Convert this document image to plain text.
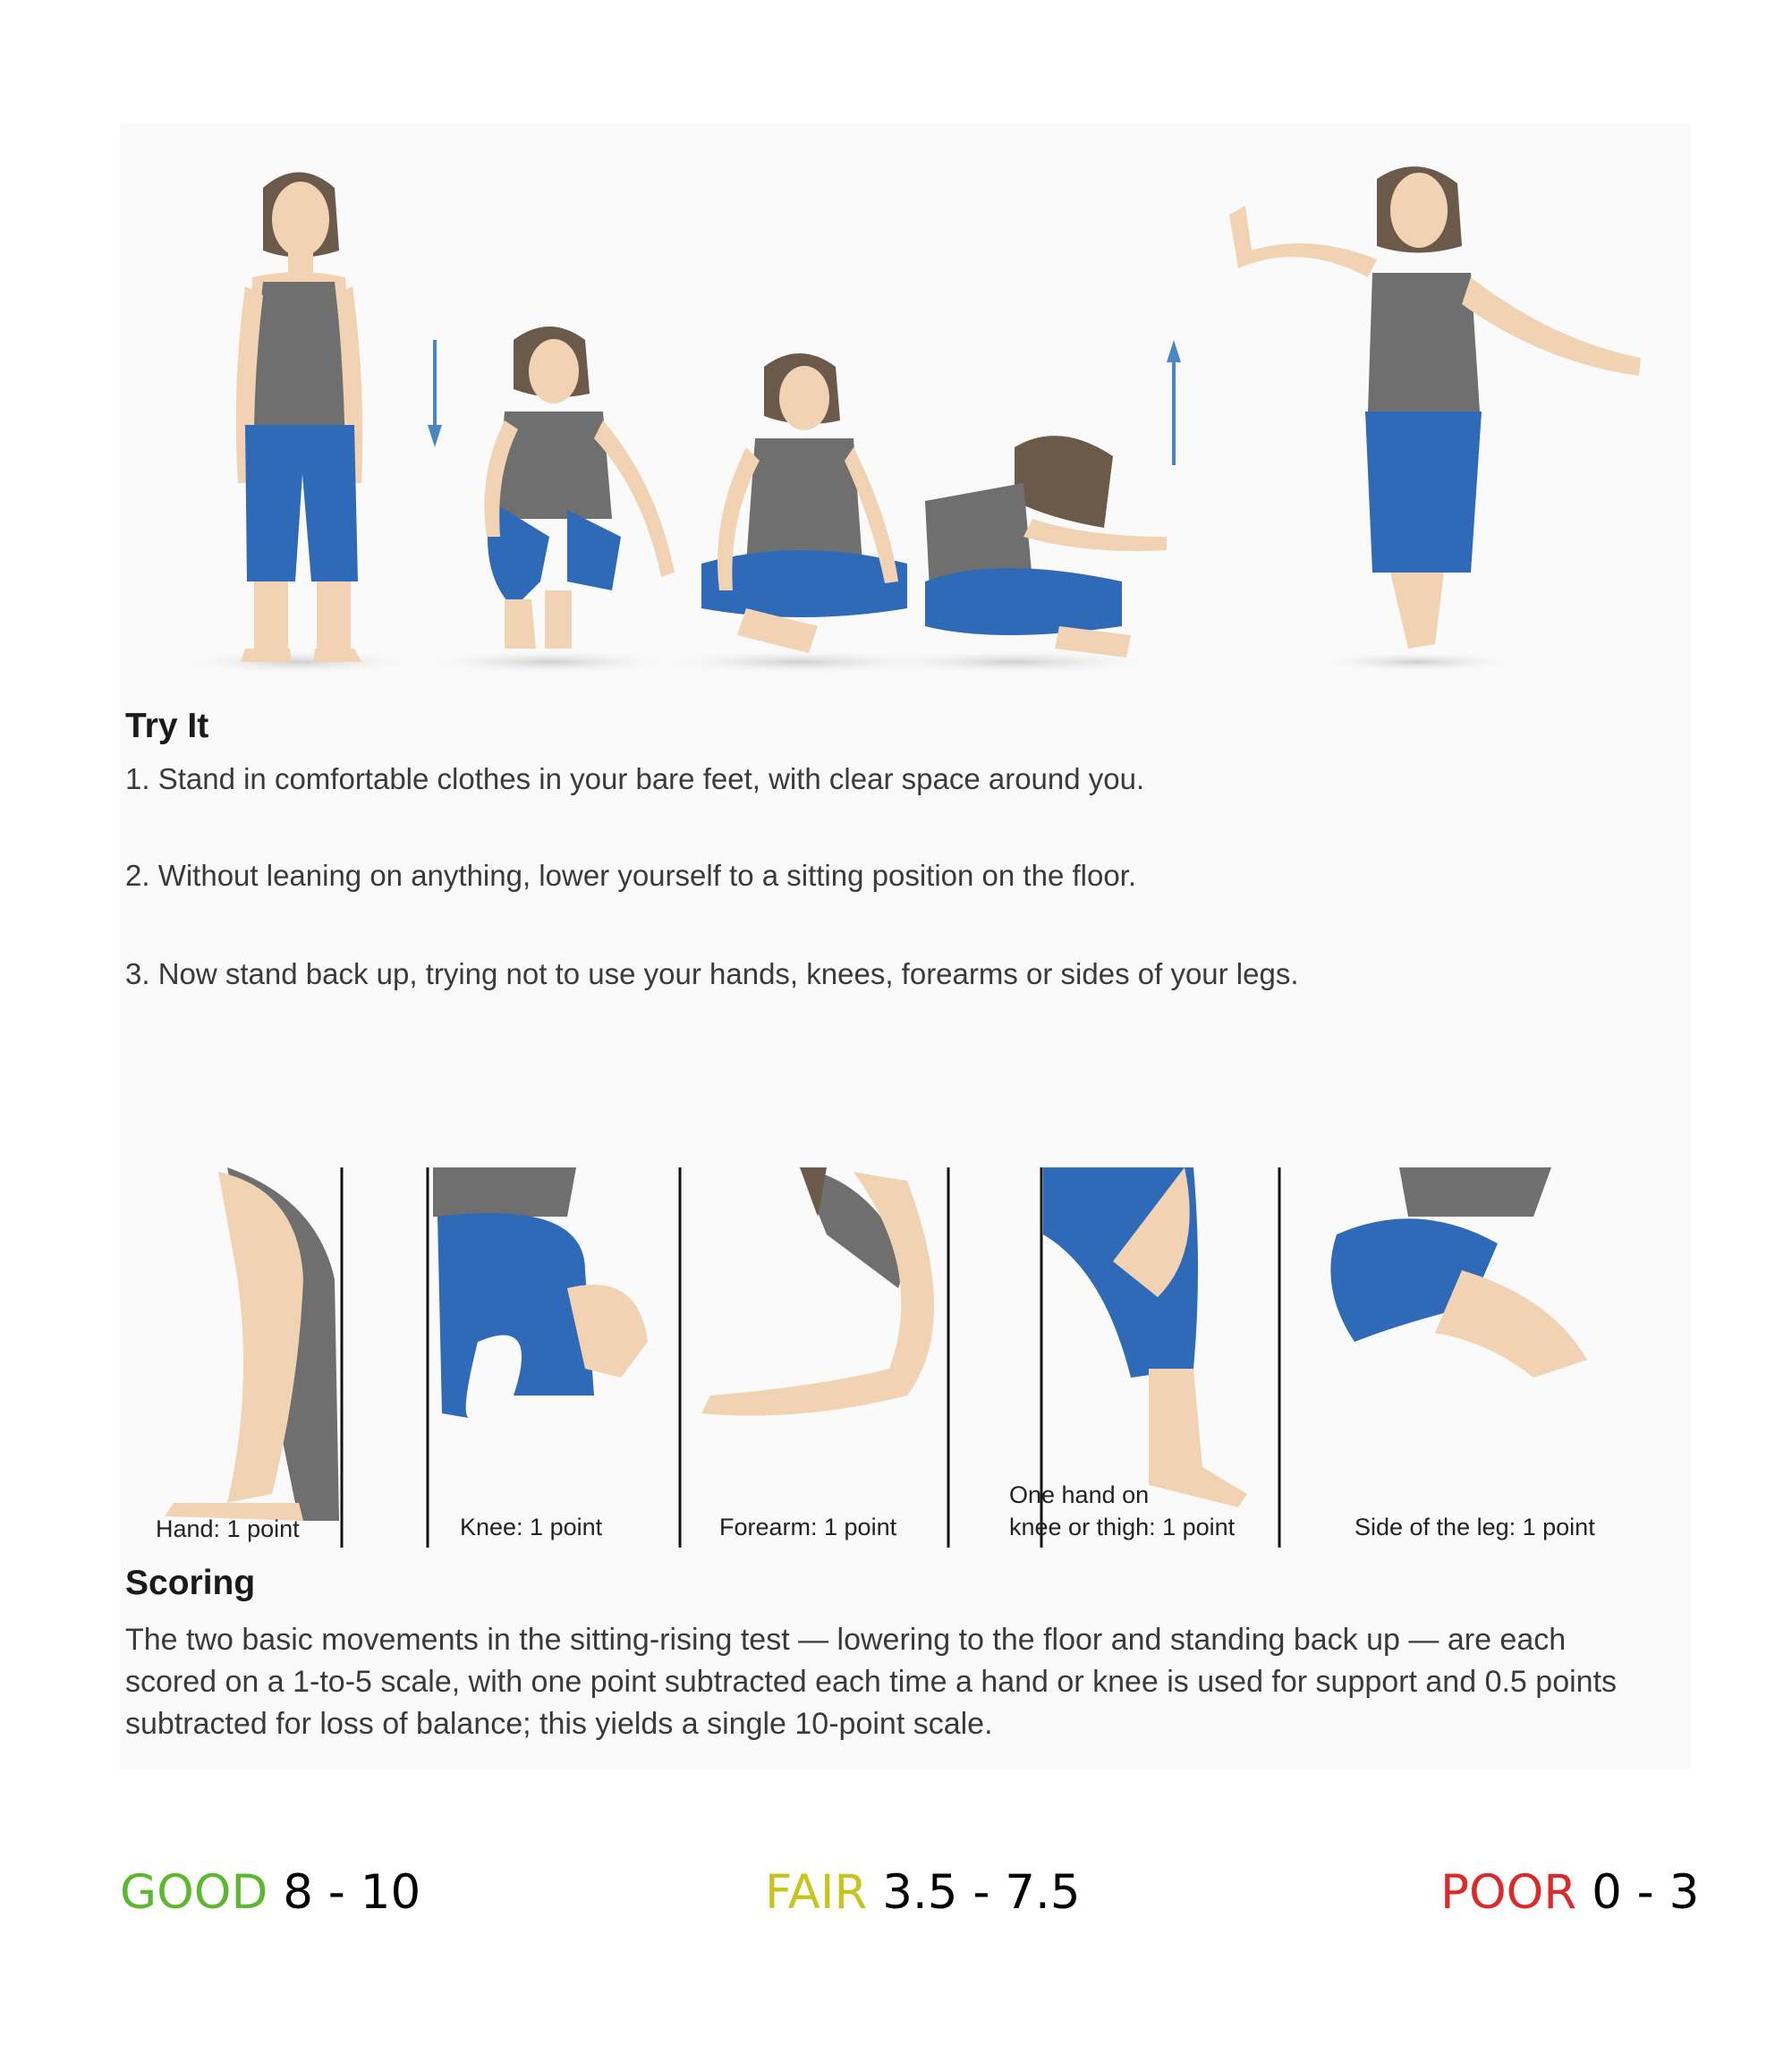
Try It
1. Stand in comfortable clothes in your bare feet, with clear space around you.
2. Without leaning on anything, lower yourself to a sitting position on the floor.
3. Now stand back up, trying not to use your hands, knees, forearms or sides of your legs.
Hand: 1 point	Knee: 1 point	Forearm: 1 point
One hand on
knee or thigh: 1 point	Side of the leg: 1 point
Scoring

The two basic movements in the sitting-rising test — lowering to the floor and standing back up — are each scored on a 1-to-5 scale, with one point subtracted each time a hand or knee is used for support and 0.5 points subtracted for loss of balance; this yields a single 10-point scale.

GOOD 8 - 10	FAIR 3.5 - 7.5	POOR 0 - 3
